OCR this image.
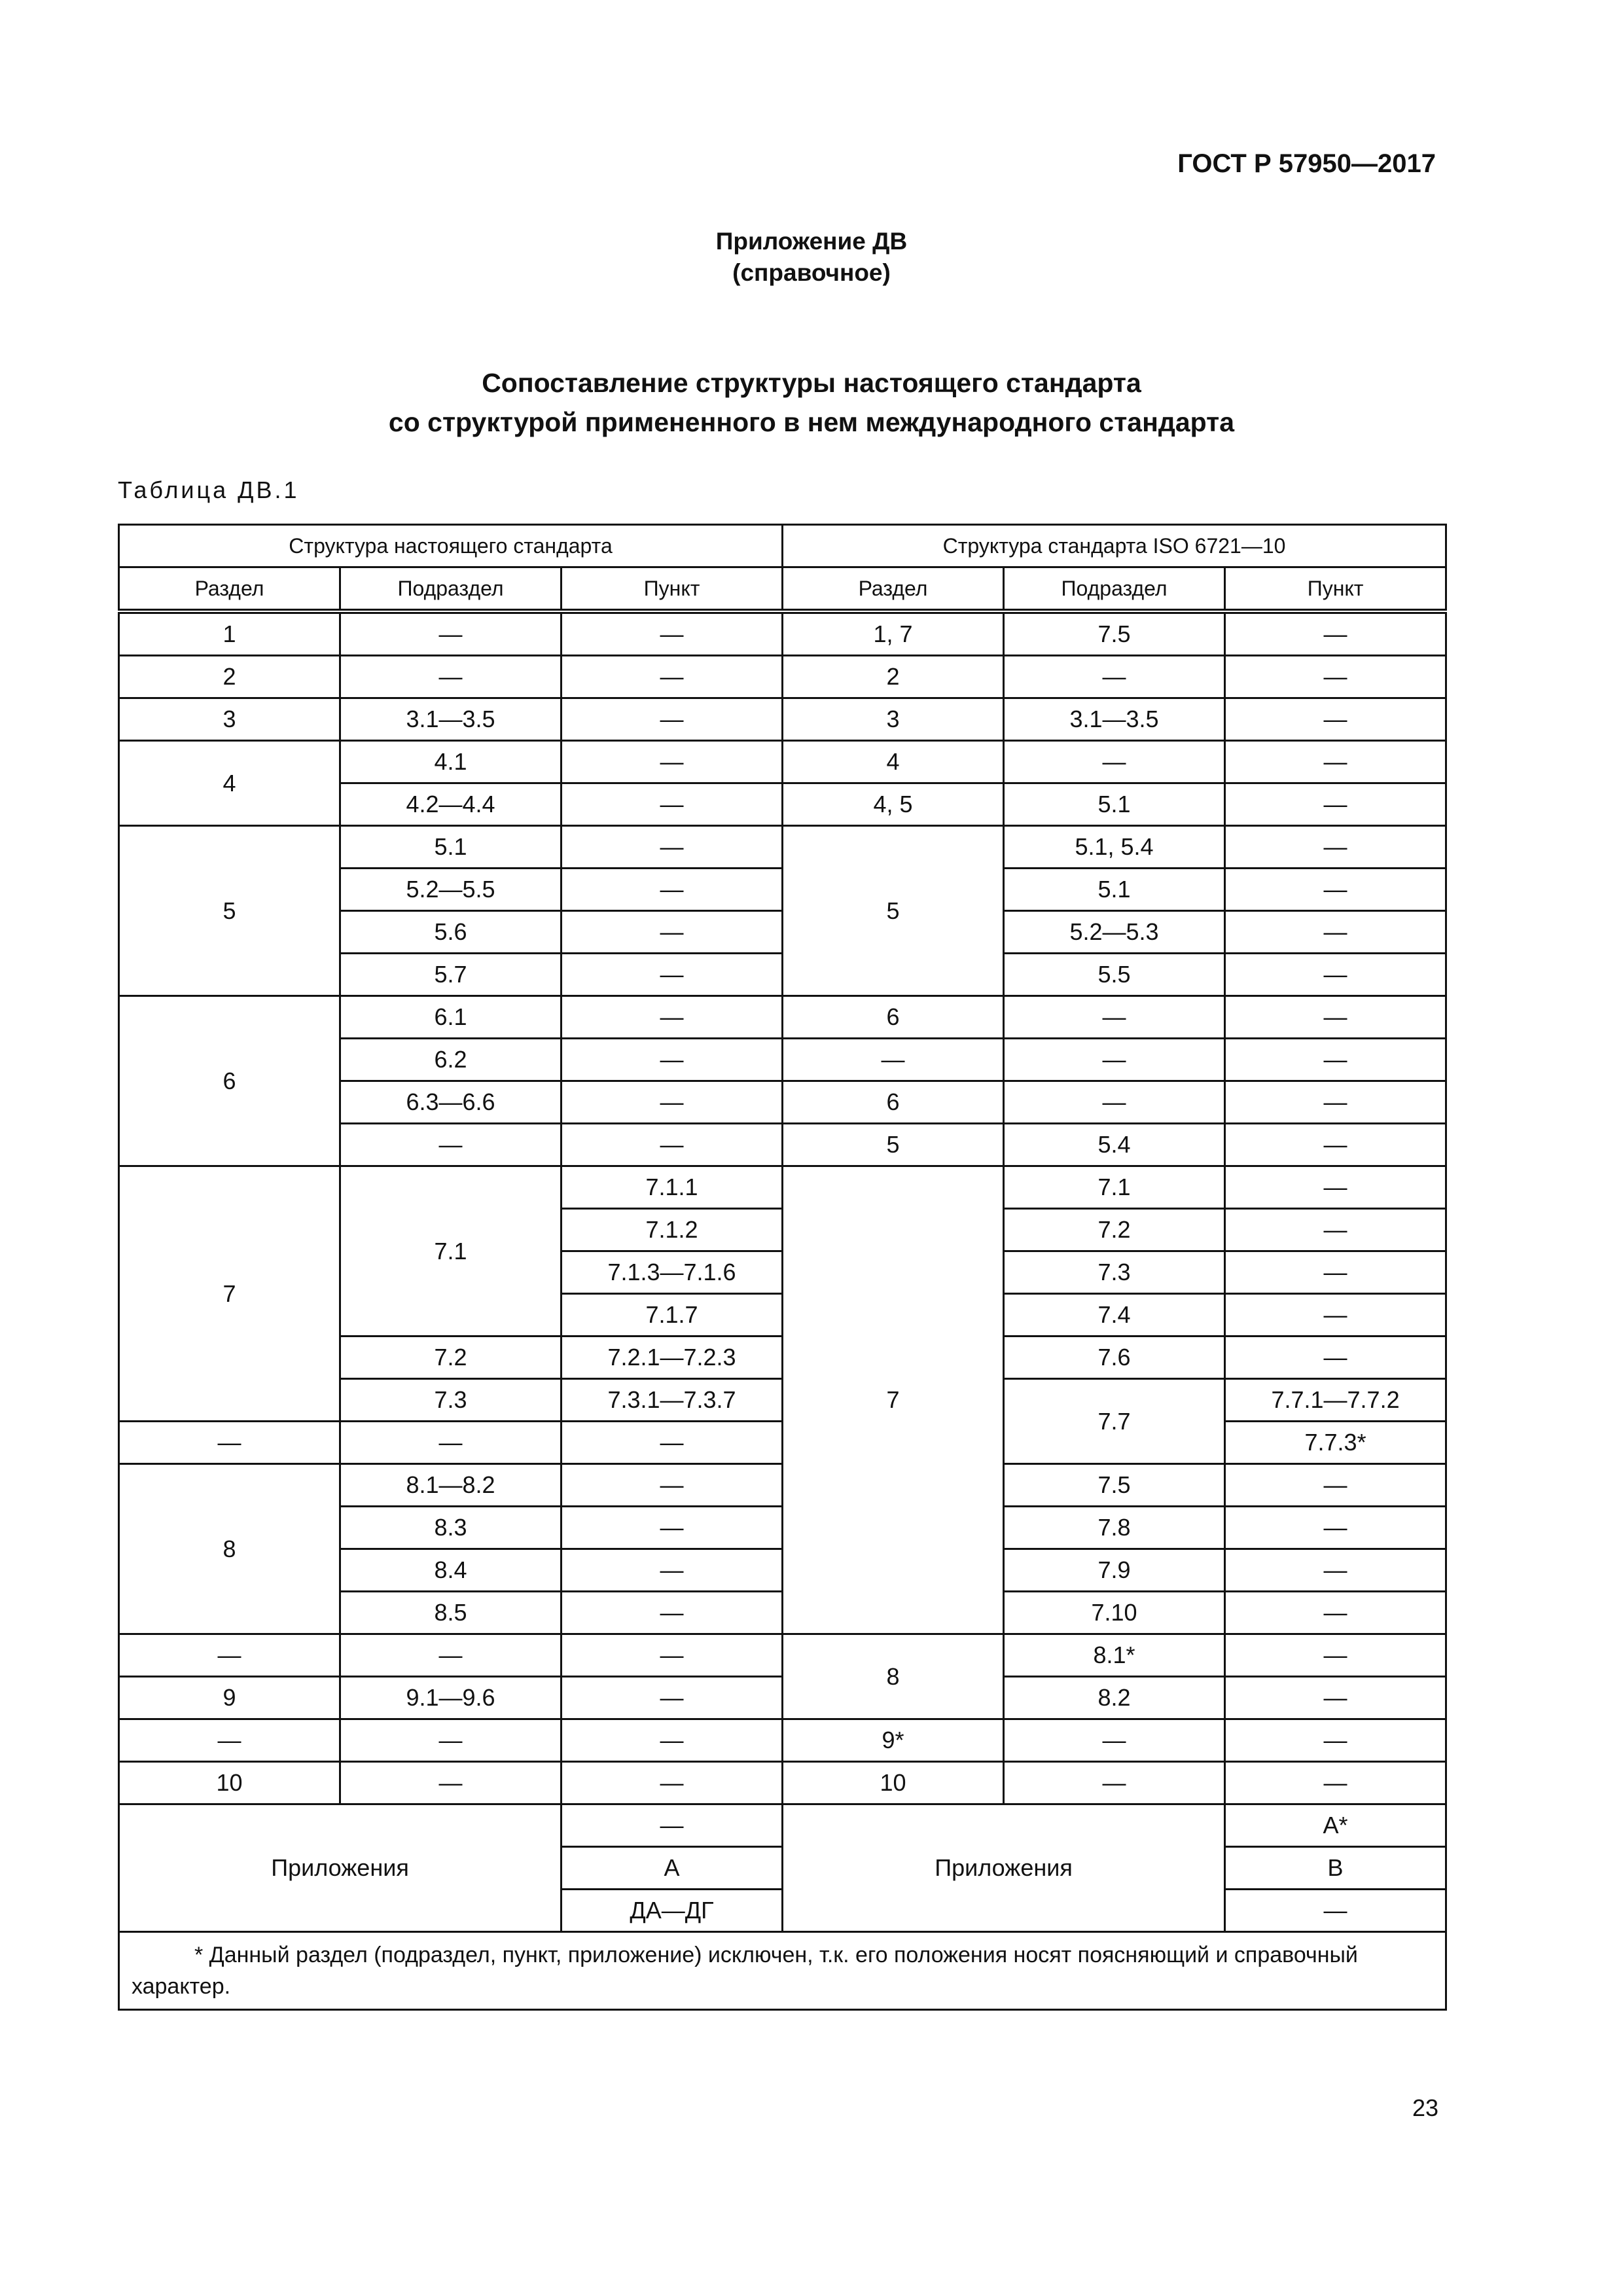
ГОСТ Р 57950—2017
Приложение ДВ
(справочное)
Сопоставление структуры настоящего стандарта
со структурой примененного в нем международного стандарта
Таблица ДВ.1
Структура настоящего стандарта			Структура стандарта ISO 6721—10		
Раздел	Подраздел	Пункт	Раздел	Подраздел	Пункт
1	—	—	1, 7	7.5	—
2	—	—	2	—	—
3	3.1—3.5	—	3	3.1—3.5	—
4	4.1	—	4	—	—
	4.2—4.4	—	4, 5	5.1	—
5	5.1	—	5	5.1, 5.4	—
	5.2—5.5	—		5.1	—
	5.6	—		5.2—5.3	—
	5.7	—		5.5	—
6	6.1	—	6	—	—
	6.2	—	—	—	—
	6.3—6.6	—	6	—	—
	—	—	5	5.4	—
7	7.1	7.1.1	7	7.1	—
		7.1.2		7.2	—
		7.1.3—7.1.6		7.3	—
		7.1.7		7.4	—
	7.2	7.2.1—7.2.3		7.6	—
	7.3	7.3.1—7.3.7		7.7	7.7.1—7.7.2
—	—	—			7.7.3*
8	8.1—8.2	—		7.5	—
	8.3	—		7.8	—
	8.4	—		7.9	—
	8.5	—		7.10	—
—	—	—	8	8.1*	—
9	9.1—9.6	—		8.2	—
—	—	—	9*	—	—
10	—	—	10	—	—
Приложения		—	Приложения		А*
		А			В
		ДА—ДГ			—
* Данный раздел (подраздел, пункт, приложение) исключен, т.к. его положения носят поясняющий и справочный характер.					
23
